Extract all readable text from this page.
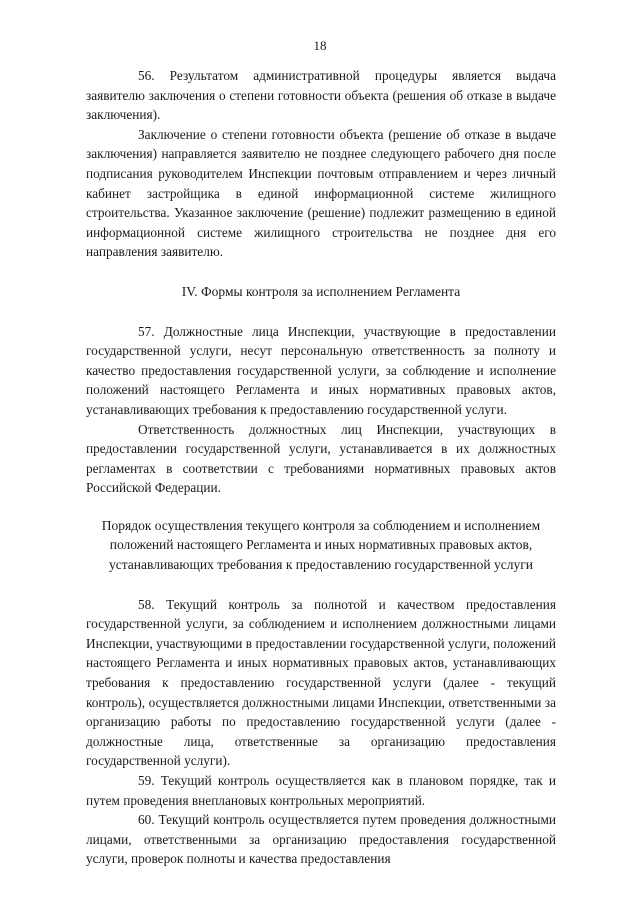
18

56. Результатом административной процедуры является выдача заявителю заключения о степени готовности объекта (решения об отказе в выдаче заключения).

Заключение о степени готовности объекта (решение об отказе в выдаче заключения) направляется заявителю не позднее следующего рабочего дня после подписания руководителем Инспекции почтовым отправлением и через личный кабинет застройщика в единой информационной системе жилищного строительства. Указанное заключение (решение) подлежит размещению в единой информационной системе жилищного строительства не позднее дня его направления заявителю.

IV. Формы контроля за исполнением Регламента

57. Должностные лица Инспекции, участвующие в предоставлении государственной услуги, несут персональную ответственность за полноту и качество предоставления государственной услуги, за соблюдение и исполнение положений настоящего Регламента и иных нормативных правовых актов, устанавливающих требования к предоставлению государственной услуги.

Ответственность должностных лиц Инспекции, участвующих в предоставлении государственной услуги, устанавливается в их должностных регламентах в соответствии с требованиями нормативных правовых актов Российской Федерации.

Порядок осуществления текущего контроля за соблюдением и исполнением положений настоящего Регламента и иных нормативных правовых актов, устанавливающих требования к предоставлению государственной услуги

58. Текущий контроль за полнотой и качеством предоставления государственной услуги, за соблюдением и исполнением должностными лицами Инспекции, участвующими в предоставлении государственной услуги, положений настоящего Регламента и иных нормативных правовых актов, устанавливающих требования к предоставлению государственной услуги (далее - текущий контроль), осуществляется должностными лицами Инспекции, ответственными за организацию работы по предоставлению государственной услуги (далее - должностные лица, ответственные за организацию предоставления государственной услуги).

59. Текущий контроль осуществляется как в плановом порядке, так и путем проведения внеплановых контрольных мероприятий.

60. Текущий контроль осуществляется путем проведения должностными лицами, ответственными за организацию предоставления государственной услуги, проверок полноты и качества предоставления
